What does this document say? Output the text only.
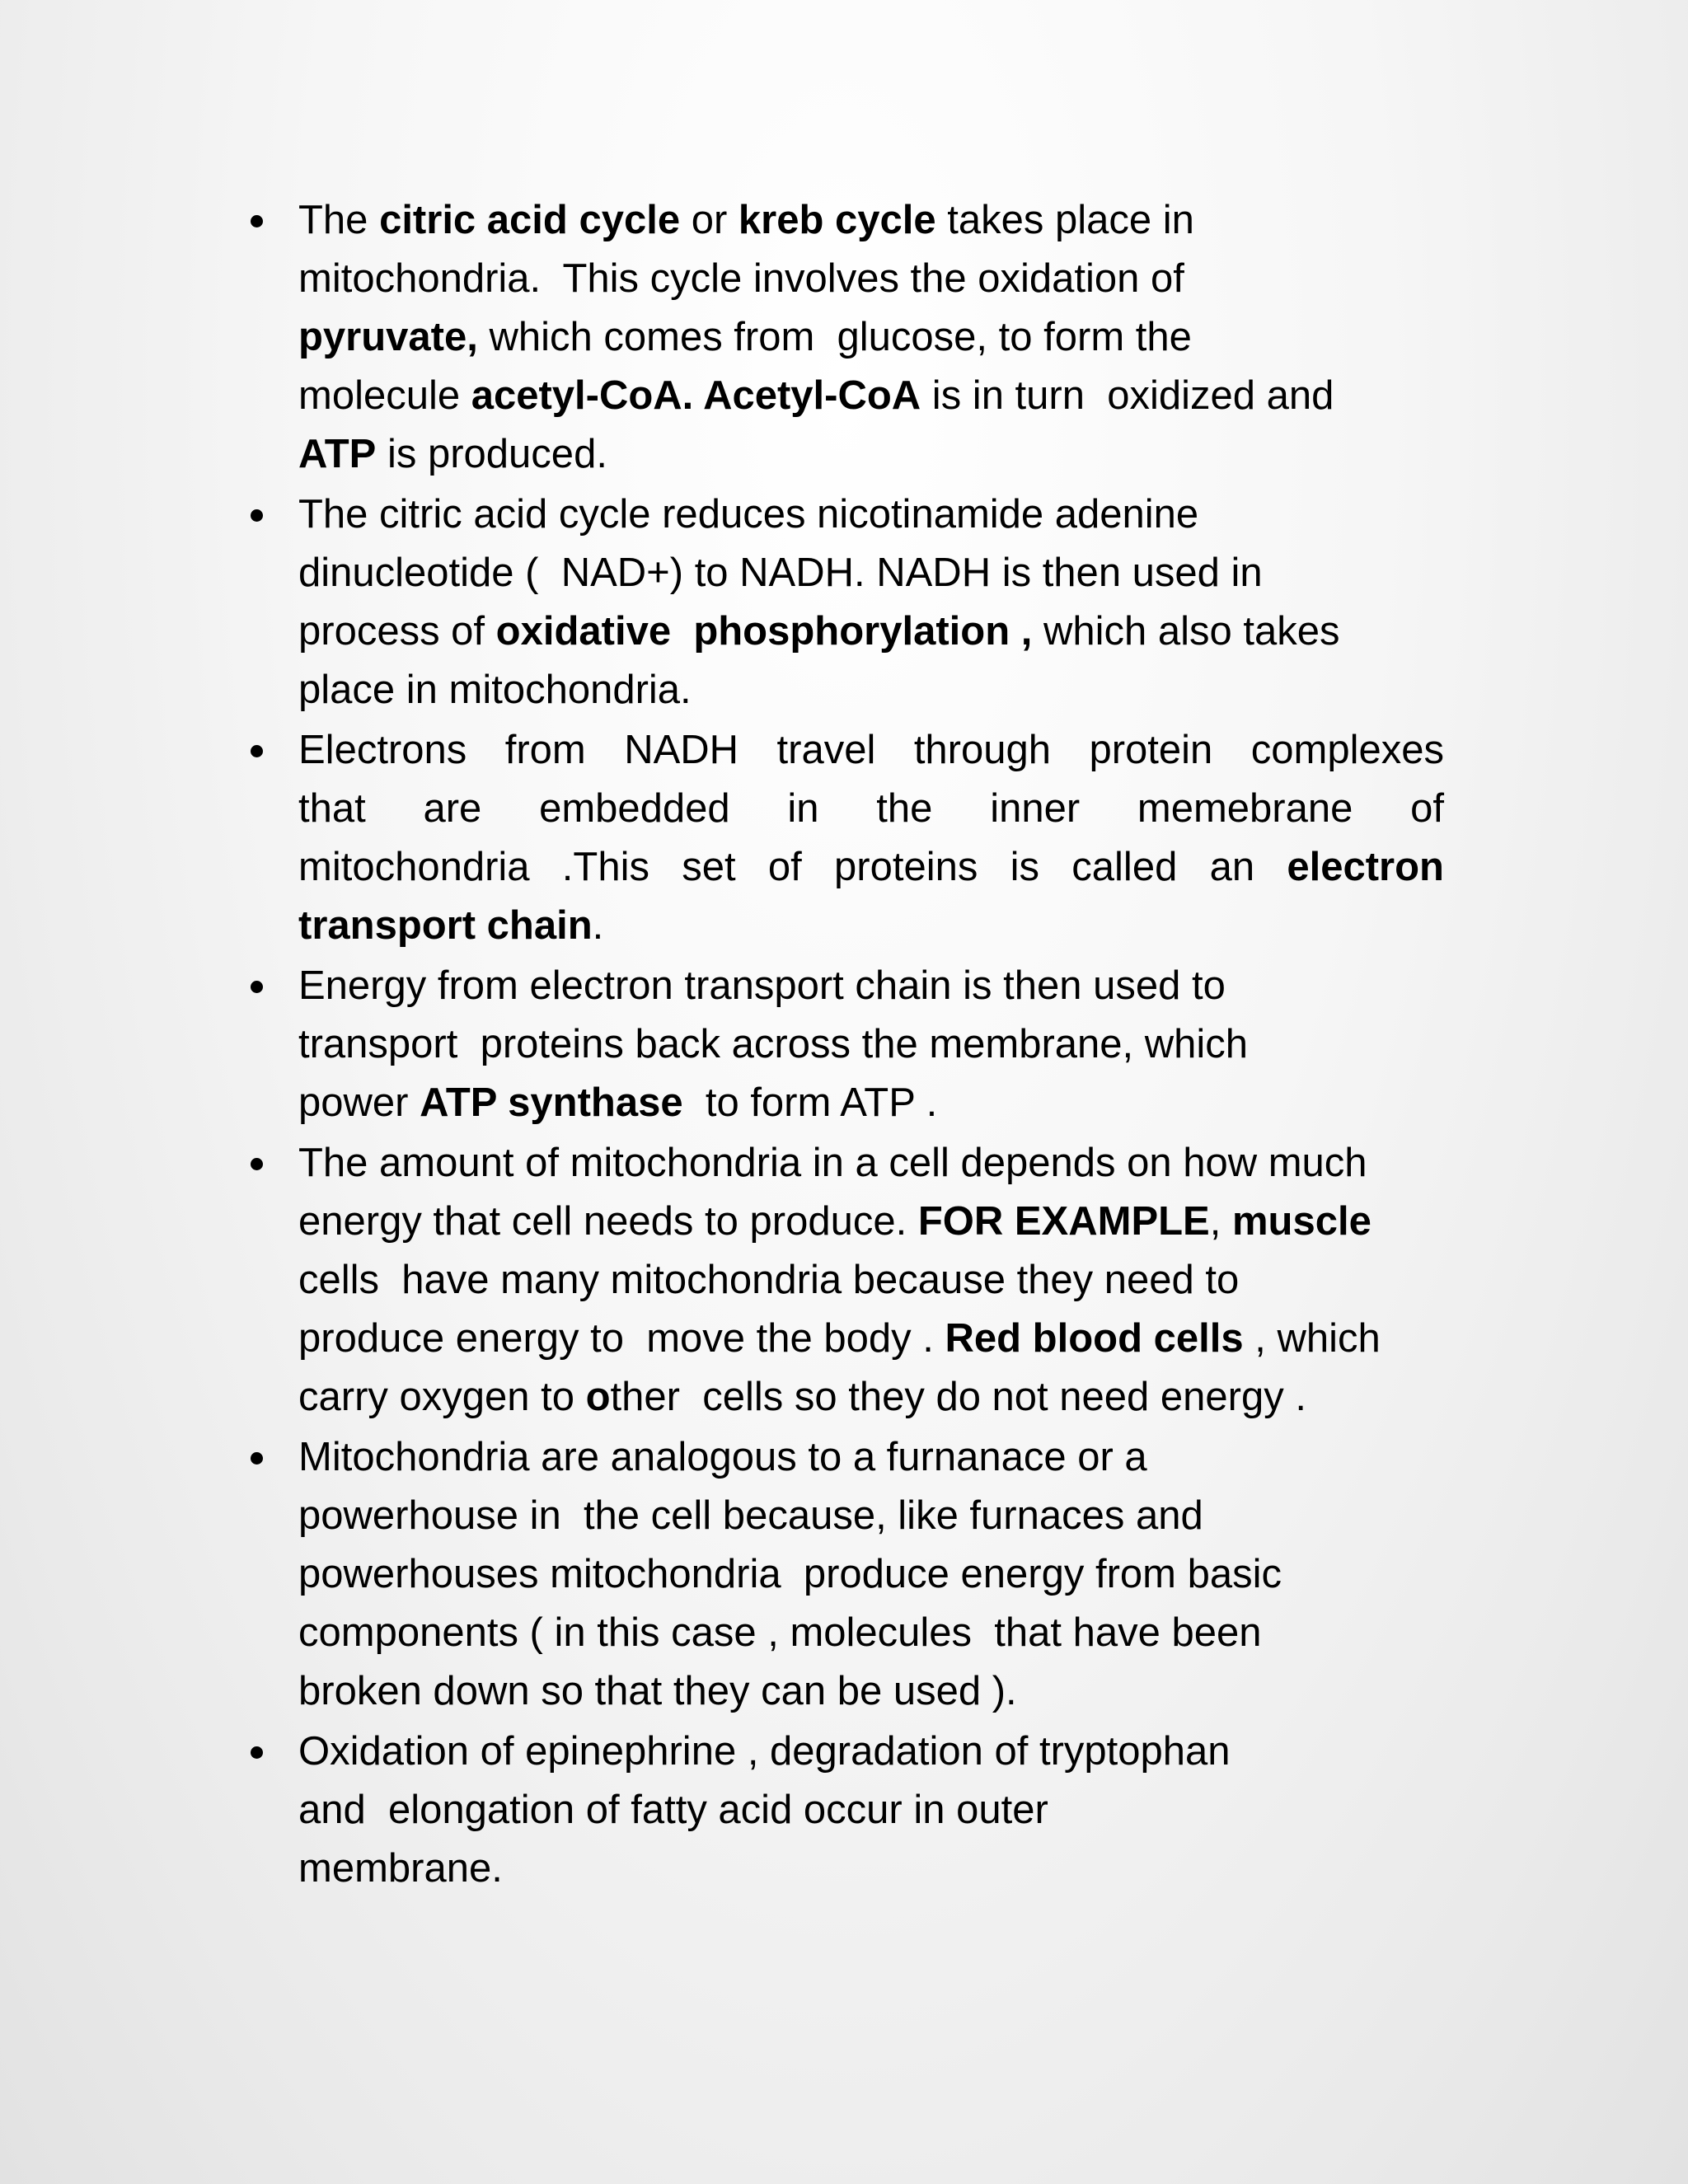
The citric acid cycle or kreb cycle takes place in
mitochondria.  This cycle involves the oxidation of
pyruvate, which comes from  glucose, to form the
molecule acetyl-CoA. Acetyl-CoA is in turn  oxidized and
ATP is produced.
The citric acid cycle reduces nicotinamide adenine
dinucleotide (  NAD+) to NADH. NADH is then used in
process of oxidative  phosphorylation , which also takes
place in mitochondria.
Electrons from NADH travel through protein complexes
that are embedded in the inner memebrane of
mitochondria .This set of proteins is called an electron
transport chain.
Energy from electron transport chain is then used to
transport  proteins back across the membrane, which
power ATP synthase  to form ATP .
The amount of mitochondria in a cell depends on how much
energy that cell needs to produce. FOR EXAMPLE, muscle
cells  have many mitochondria because they need to
produce energy to  move the body . Red blood cells , which
carry oxygen to other  cells so they do not need energy .
Mitochondria are analogous to a furnanace or a
powerhouse in  the cell because, like furnaces and
powerhouses mitochondria  produce energy from basic
components ( in this case , molecules  that have been
broken down so that they can be used ).
Oxidation of epinephrine , degradation of tryptophan
and  elongation of fatty acid occur in outer
membrane.
